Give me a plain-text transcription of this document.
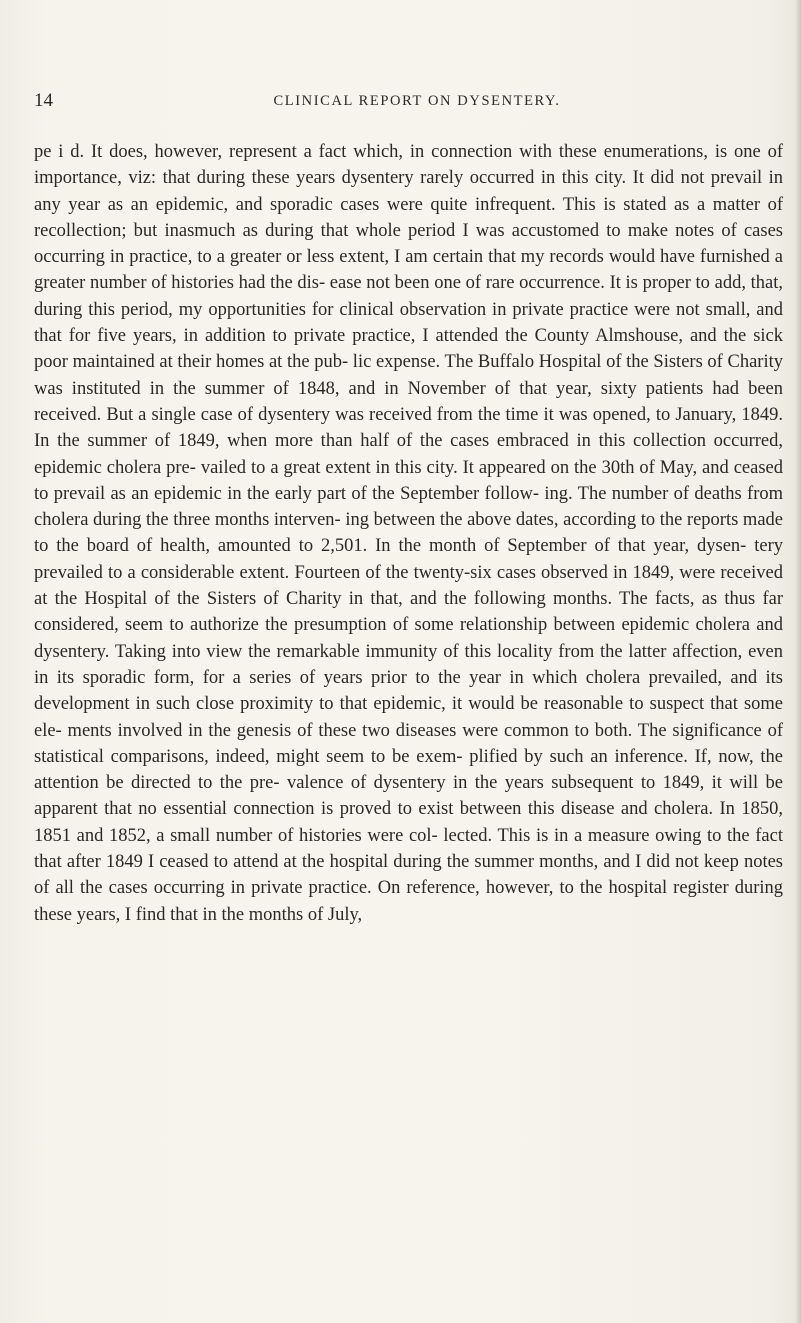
14	CLINICAL REPORT ON DYSENTERY.

pe i d. It does, however, represent a fact which, in connection with these enumerations, is one of importance, viz: that during these years dysentery rarely occurred in this city. It did not prevail in any year as an epidemic, and sporadic cases were quite infrequent. This is stated as a matter of recollection; but inasmuch as during that whole period I was accustomed to make notes of cases occurring in practice, to a greater or less extent, I am certain that my records would have furnished a greater number of histories had the dis- ease not been one of rare occurrence. It is proper to add, that, during this period, my opportunities for clinical observation in private practice were not small, and that for five years, in addition to private practice, I attended the County Almshouse, and the sick poor maintained at their homes at the pub- lic expense. The Buffalo Hospital of the Sisters of Charity was instituted in the summer of 1848, and in November of that year, sixty patients had been received. But a single case of dysentery was received from the time it was opened, to January, 1849. In the summer of 1849, when more than half of the cases embraced in this collection occurred, epidemic cholera pre- vailed to a great extent in this city. It appeared on the 30th of May, and ceased to prevail as an epidemic in the early part of the September follow- ing. The number of deaths from cholera during the three months interven- ing between the above dates, according to the reports made to the board of health, amounted to 2,501. In the month of September of that year, dysen- tery prevailed to a considerable extent. Fourteen of the twenty-six cases observed in 1849, were received at the Hospital of the Sisters of Charity in that, and the following months. The facts, as thus far considered, seem to authorize the presumption of some relationship between epidemic cholera and dysentery. Taking into view the remarkable immunity of this locality from the latter affection, even in its sporadic form, for a series of years prior to the year in which cholera prevailed, and its development in such close proximity to that epidemic, it would be reasonable to suspect that some ele- ments involved in the genesis of these two diseases were common to both. The significance of statistical comparisons, indeed, might seem to be exem- plified by such an inference. If, now, the attention be directed to the pre- valence of dysentery in the years subsequent to 1849, it will be apparent that no essential connection is proved to exist between this disease and cholera. In 1850, 1851 and 1852, a small number of histories were col- lected. This is in a measure owing to the fact that after 1849 I ceased to attend at the hospital during the summer months, and I did not keep notes of all the cases occurring in private practice. On reference, however, to the hospital register during these years, I find that in the months of July,
